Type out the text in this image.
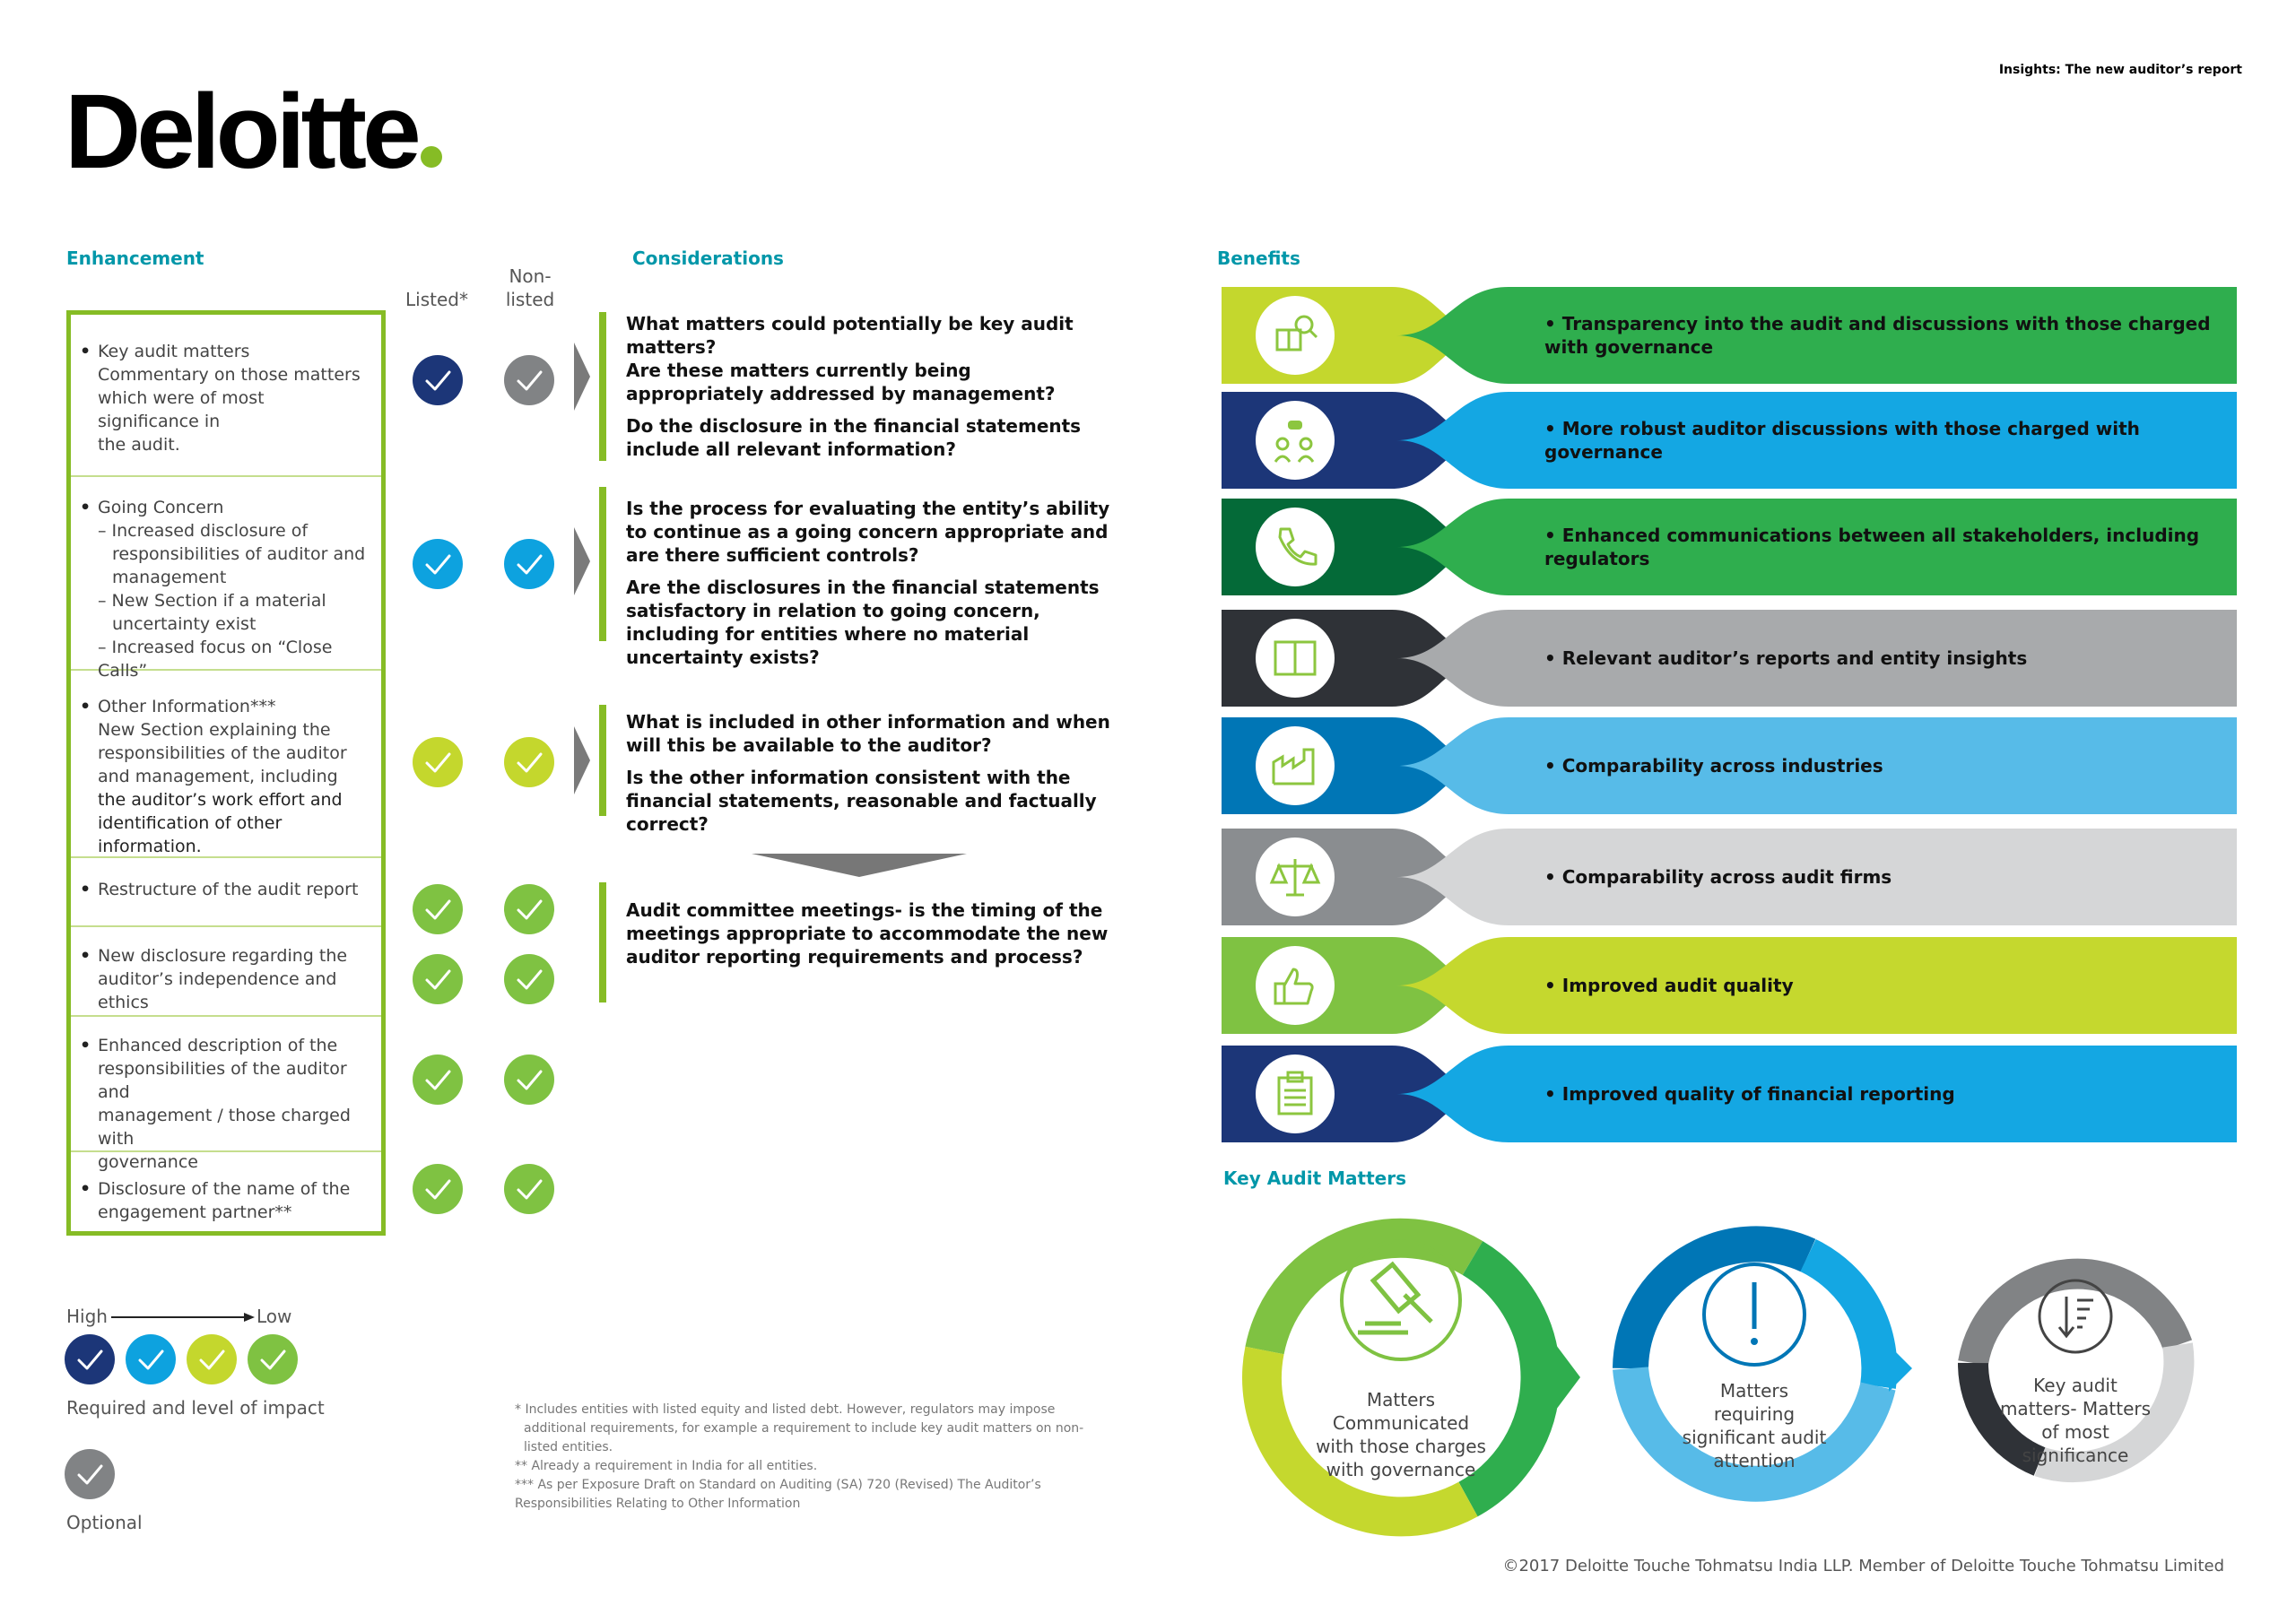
Deloitte
Insights: The new auditor’s report
Enhancement	Considerations	Benefits
Key Audit Matters
Listed*
Non-
listed
• Key audit matters
Commentary on those matters
which were of most significance in
the audit.
• Going Concern
– Increased disclosure of
responsibilities of auditor and
management
– New Section if a material
uncertainty exist
– Increased focus on “Close Calls”
• Other Information***
New Section explaining the
responsibilities of the auditor
and management, including
the auditor’s work effort and
identification of other information.
• Restructure of the audit report
• New disclosure regarding the
auditor’s independence and ethics
• Enhanced description of the
responsibilities of the auditor and
management / those charged with
governance
• Disclosure of the name of the
engagement partner**

What matters could potentially be key audit matters?

Are these matters currently being appropriately addressed by management?

Do the disclosure in the financial statements include all relevant information?

Is the process for evaluating the entity’s ability to continue as a going concern appropriate and are there sufficient controls?

Are the disclosures in the financial statements satisfactory in relation to going concern, including for entities where no material uncertainty exists?

What is included in other information and when will this be available to the auditor?

Is the other information consistent with the financial statements, reasonable and factually correct?

Audit committee meetings- is the timing of the meetings appropriate to accommodate the new auditor reporting requirements and process?

• Transparency into the audit and discussions with those charged with governance
• More robust auditor discussions with those charged with governance
• Enhanced communications between all stakeholders, including regulators
• Relevant auditor’s reports and entity insights
• Comparability across industries
• Comparability across audit firms
• Improved audit quality
• Improved quality of financial reporting
Matters
Communicated
with those charges
with governance
Matters
requiring
significant audit
attention
Key audit
matters- Matters
of most
significance
High	Low
Required and level of impact
Optional
* Includes entities with listed equity and listed debt. However, regulators may impose
additional requirements, for example a requirement to include key audit matters on non-
listed entities.
** Already a requirement in India for all entities.
*** As per Exposure Draft on Standard on Auditing (SA) 720 (Revised) The Auditor’s
Responsibilities Relating to Other Information
©2017 Deloitte Touche Tohmatsu India LLP. Member of Deloitte Touche Tohmatsu Limited
